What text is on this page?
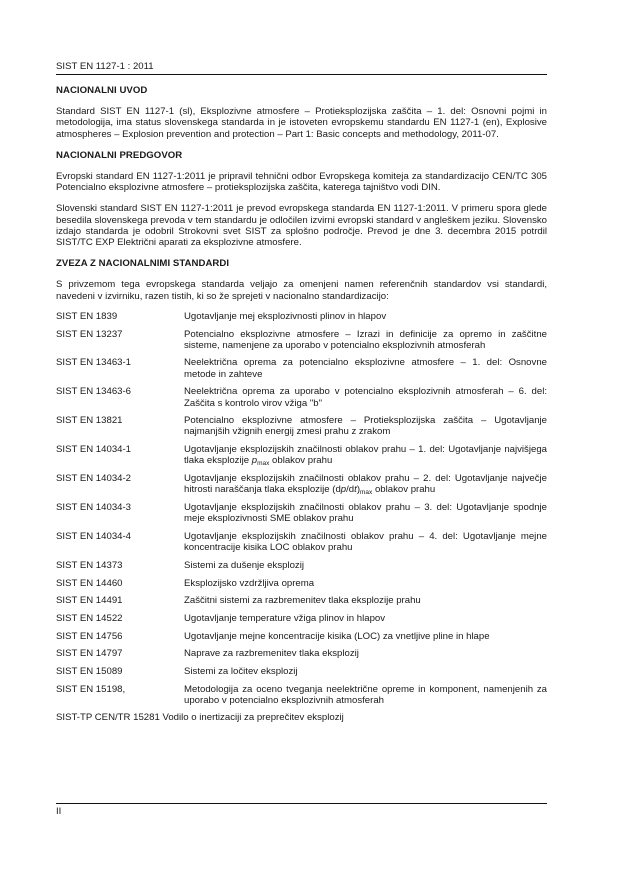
SIST EN 1127-1 : 2011
NACIONALNI UVOD

Standard SIST EN 1127-1 (sl), Eksplozivne atmosfere – Protieksplozijska zaščita – 1. del: Osnovni pojmi in metodologija, ima status slovenskega standarda in je istoveten evropskemu standardu EN 1127-1 (en), Explosive atmospheres – Explosion prevention and protection – Part 1: Basic concepts and methodology, 2011-07.

NACIONALNI PREDGOVOR

Evropski standard EN 1127-1:2011 je pripravil tehnični odbor Evropskega komiteja za standardizacijo CEN/TC 305 Potencialno eksplozivne atmosfere – protieksplozijska zaščita, katerega tajništvo vodi DIN.

Slovenski standard SIST EN 1127-1:2011 je prevod evropskega standarda EN 1127-1:2011. V primeru spora glede besedila slovenskega prevoda v tem standardu je odločilen izvirni evropski standard v angleškem jeziku. Slovensko izdajo standarda je odobril Strokovni svet SIST za splošno področje. Prevod je dne 3. decembra 2015 potrdil SIST/TC EXP Električni aparati za eksplozivne atmosfere.

ZVEZA Z NACIONALNIMI STANDARDI

S privzemom tega evropskega standarda veljajo za omenjeni namen referenčnih standardov vsi standardi, navedeni v izvirniku, razen tistih, ki so že sprejeti v nacionalno standardizacijo:

SIST EN 1839	Ugotavljanje mej eksplozivnosti plinov in hlapov
SIST EN 13237	Potencialno eksplozivne atmosfere – Izrazi in definicije za opremo in zaščitne sisteme, namenjene za uporabo v potencialno eksplozivnih atmosferah
SIST EN 13463-1	Neelektrična oprema za potencialno eksplozivne atmosfere – 1. del: Osnovne metode in zahteve
SIST EN 13463-6	Neelektrična oprema za uporabo v potencialno eksplozivnih atmosferah – 6. del: Zaščita s kontrolo virov vžiga "b"
SIST EN 13821	Potencialno eksplozivne atmosfere – Protieksplozijska zaščita – Ugotavljanje najmanjših vžignih energij zmesi prahu z zrakom
SIST EN 14034-1	Ugotavljanje eksplozijskih značilnosti oblakov prahu – 1. del: Ugotavljanje najvišjega tlaka eksplozije $p_{max}$ oblakov prahu
SIST EN 14034-2	Ugotavljanje eksplozijskih značilnosti oblakov prahu – 2. del: Ugotavljanje največje hitrosti naraščanja tlaka eksplozije $(dp/dt)_{max}$ oblakov prahu
SIST EN 14034-3	Ugotavljanje eksplozijskih značilnosti oblakov prahu – 3. del: Ugotavljanje spodnje meje eksplozivnosti SME oblakov prahu
SIST EN 14034-4	Ugotavljanje eksplozijskih značilnosti oblakov prahu – 4. del: Ugotavljanje mejne koncentracije kisika LOC oblakov prahu
SIST EN 14373	Sistemi za dušenje eksplozij
SIST EN 14460	Eksplozijsko vzdržljiva oprema
SIST EN 14491	Zaščitni sistemi za razbremenitev tlaka eksplozije prahu
SIST EN 14522	Ugotavljanje temperature vžiga plinov in hlapov
SIST EN 14756	Ugotavljanje mejne koncentracije kisika (LOC) za vnetljive pline in hlape
SIST EN 14797	Naprave za razbremenitev tlaka eksplozij
SIST EN 15089	Sistemi za ločitev eksplozij
SIST EN 15198,	Metodologija za oceno tveganja neelektrične opreme in komponent, namenjenih za uporabo v potencialno eksplozivnih atmosferah

SIST-TP CEN/TR 15281 Vodilo o inertizaciji za preprečitev eksplozij

II
